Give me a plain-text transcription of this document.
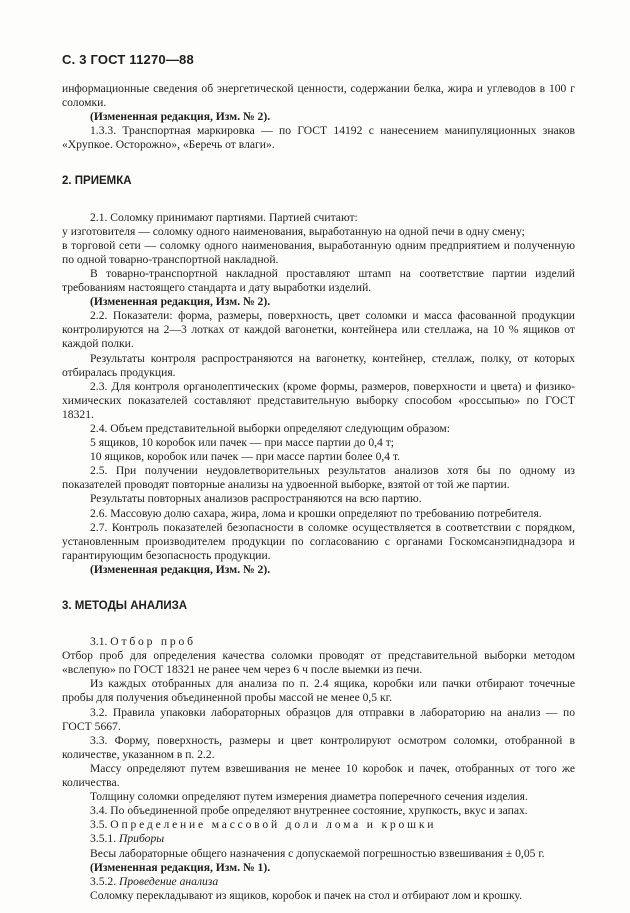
С. 3 ГОСТ 11270—88

информационные сведения об энергетической ценности, содержании белка, жира и углеводов в 100 г соломки.

(Измененная редакция, Изм. № 2).

1.3.3. Транспортная маркировка — по ГОСТ 14192 с нанесением манипуляционных знаков «Хрупкое. Осторожно», «Беречь от влаги».

2. ПРИЕМКА

2.1. Соломку принимают партиями. Партией считают:

у изготовителя — соломку одного наименования, выработанную на одной печи в одну смену;

в торговой сети — соломку одного наименования, выработанную одним предприятием и полученную по одной товарно-транспортной накладной.

В товарно-транспортной накладной проставляют штамп на соответствие партии изделий требованиям настоящего стандарта и дату выработки изделий.

(Измененная редакция, Изм. № 2).

2.2. Показатели: форма, размеры, поверхность, цвет соломки и масса фасованной продукции контролируются на 2—3 лотках от каждой вагонетки, контейнера или стеллажа, на 10 % ящиков от каждой полки.

Результаты контроля распространяются на вагонетку, контейнер, стеллаж, полку, от которых отбиралась продукция.

2.3. Для контроля органолептических (кроме формы, размеров, поверхности и цвета) и физико-химических показателей составляют представительную выборку способом «россыпью» по ГОСТ 18321.

2.4. Объем представительной выборки определяют следующим образом:

5 ящиков, 10 коробок или пачек — при массе партии до 0,4 т;

10 ящиков, коробок или пачек — при массе партии более 0,4 т.

2.5. При получении неудовлетворительных результатов анализов хотя бы по одному из показателей проводят повторные анализы на удвоенной выборке, взятой от той же партии.

Результаты повторных анализов распространяются на всю партию.

2.6. Массовую долю сахара, жира, лома и крошки определяют по требованию потребителя.

2.7. Контроль показателей безопасности в соломке осуществляется в соответствии с порядком, установленным производителем продукции по согласованию с органами Госкомсанэпиднадзора и гарантирующим безопасность продукции.

(Измененная редакция, Изм. № 2).

3. МЕТОДЫ АНАЛИЗА

3.1. Отбор проб

Отбор проб для определения качества соломки проводят от представительной выборки методом «вслепую» по ГОСТ 18321 не ранее чем через 6 ч после выемки из печи.

Из каждых отобранных для анализа по п. 2.4 ящика, коробки или пачки отбирают точечные пробы для получения объединенной пробы массой не менее 0,5 кг.

3.2. Правила упаковки лабораторных образцов для отправки в лабораторию на анализ — по ГОСТ 5667.

3.3. Форму, поверхность, размеры и цвет контролируют осмотром соломки, отобранной в количестве, указанном в п. 2.2.

Массу определяют путем взвешивания не менее 10 коробок и пачек, отобранных от того же количества.

Толщину соломки определяют путем измерения диаметра поперечного сечения изделия.

3.4. По объединенной пробе определяют внутреннее состояние, хрупкость, вкус и запах.

3.5. Определение массовой доли лома и крошки

3.5.1. Приборы

Весы лабораторные общего назначения с допускаемой погрешностью взвешивания ± 0,05 г.

(Измененная редакция, Изм. № 1).

3.5.2. Проведение анализа

Соломку перекладывают из ящиков, коробок и пачек на стол и отбирают лом и крошку.
